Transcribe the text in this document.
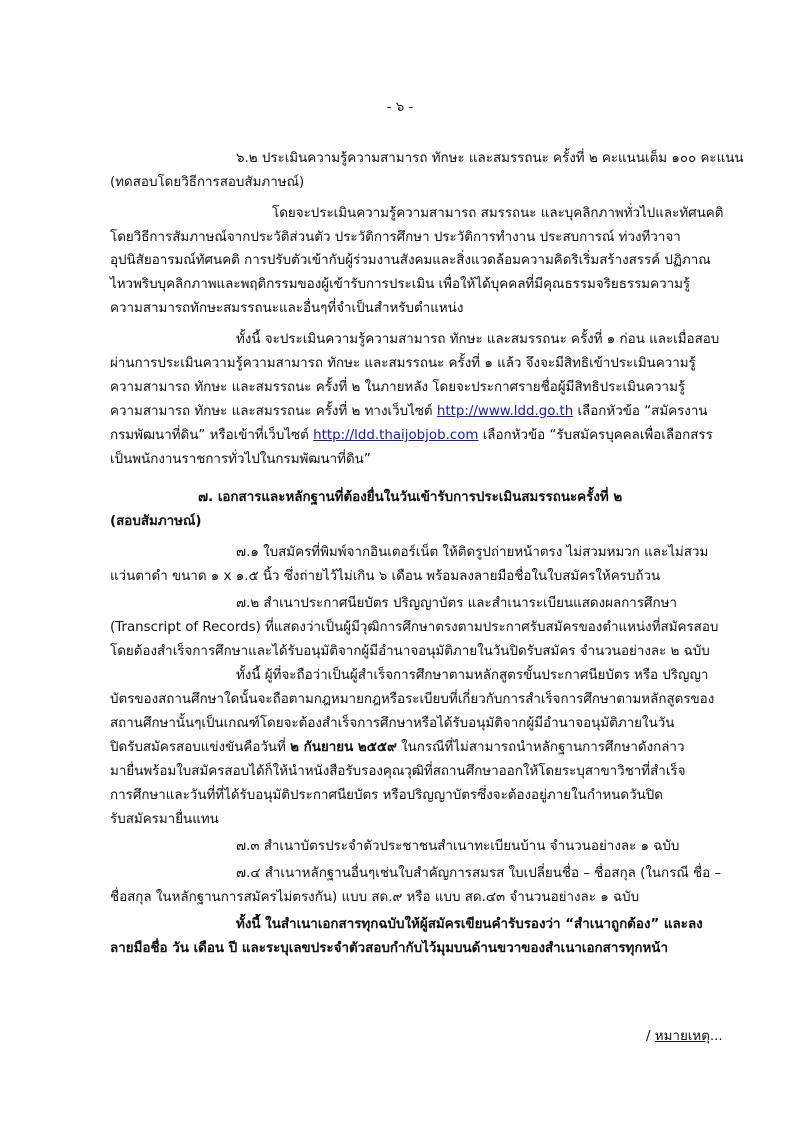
- ๖ -
๖.๒ ประเมินความรู้ความสามารถ ทักษะ และสมรรถนะ ครั้งที่ ๒ คะแนนเต็ม ๑๐๐ คะแนน
(ทดสอบโดยวิธีการสอบสัมภาษณ์)
โดยจะประเมินความรู้ความสามารถ สมรรถนะ และบุคลิกภาพทั่วไปและทัศนคติ
โดยวิธีการสัมภาษณ์จากประวัติส่วนตัว ประวัติการศึกษา ประวัติการทำงาน ประสบการณ์ ท่วงทีวาจา
อุปนิสัยอารมณ์ทัศนคติ การปรับตัวเข้ากับผู้ร่วมงานสังคมและสิ่งแวดล้อมความคิดริเริ่มสร้างสรรค์ ปฏิภาณ
ไหวพริบบุคลิกภาพและพฤติกรรมของผู้เข้ารับการประเมิน เพื่อให้ได้บุคคลที่มีคุณธรรมจริยธรรมความรู้
ความสามารถทักษะสมรรถนะและอื่นๆที่จำเป็นสำหรับตำแหน่ง
ทั้งนี้ จะประเมินความรู้ความสามารถ ทักษะ และสมรรถนะ ครั้งที่ ๑ ก่อน และเมื่อสอบ
ผ่านการประเมินความรู้ความสามารถ ทักษะ และสมรรถนะ ครั้งที่ ๑ แล้ว จึงจะมีสิทธิเข้าประเมินความรู้
ความสามารถ ทักษะ และสมรรถนะ ครั้งที่ ๒ ในภายหลัง โดยจะประกาศรายชื่อผู้มีสิทธิประเมินความรู้
ความสามารถ ทักษะ และสมรรถนะ ครั้งที่ ๒ ทางเว็บไซต์ http://www.ldd.go.th เลือกหัวข้อ “สมัครงาน
กรมพัฒนาที่ดิน” หรือเข้าที่เว็บไซต์ http://ldd.thaijobjob.com เลือกหัวข้อ “รับสมัครบุคคลเพื่อเลือกสรร
เป็นพนักงานราชการทั่วไปในกรมพัฒนาที่ดิน”
๗. เอกสารและหลักฐานที่ต้องยื่นในวันเข้ารับการประเมินสมรรถนะครั้งที่ ๒
(สอบสัมภาษณ์)
๗.๑ ใบสมัครที่พิมพ์จากอินเตอร์เน็ต ให้ติดรูปถ่ายหน้าตรง ไม่สวมหมวก และไม่สวม
แว่นตาดำ ขนาด ๑ x ๑.๕ นิ้ว ซึ่งถ่ายไว้ไม่เกิน ๖ เดือน พร้อมลงลายมือชื่อในใบสมัครให้ครบถ้วน
๗.๒ สำเนาประกาศนียบัตร ปริญญาบัตร และสำเนาระเบียนแสดงผลการศึกษา
(Transcript of Records) ที่แสดงว่าเป็นผู้มีวุฒิการศึกษาตรงตามประกาศรับสมัครของตำแหน่งที่สมัครสอบ
โดยต้องสำเร็จการศึกษาและได้รับอนุมัติจากผู้มีอำนาจอนุมัติภายในวันปิดรับสมัคร จำนวนอย่างละ ๒ ฉบับ
ทั้งนี้ ผู้ที่จะถือว่าเป็นผู้สำเร็จการศึกษาตามหลักสูตรขั้นประกาศนียบัตร หรือ ปริญญา
บัตรของสถานศึกษาใดนั้นจะถือตามกฎหมายกฎหรือระเบียบที่เกี่ยวกับการสำเร็จการศึกษาตามหลักสูตรของ
สถานศึกษานั้นๆเป็นเกณฑ์โดยจะต้องสำเร็จการศึกษาหรือได้รับอนุมัติจากผู้มีอำนาจอนุมัติภายในวัน
ปิดรับสมัครสอบแข่งขันคือวันที่ ๒ กันยายน ๒๕๕๙ ในกรณีที่ไม่สามารถนำหลักฐานการศึกษาดังกล่าว
มายื่นพร้อมใบสมัครสอบได้ก็ให้นำหนังสือรับรองคุณวุฒิที่สถานศึกษาออกให้โดยระบุสาขาวิชาที่สำเร็จ
การศึกษาและวันที่ที่ได้รับอนุมัติประกาศนียบัตร หรือปริญญาบัตรซึ่งจะต้องอยู่ภายในกำหนดวันปิด
รับสมัครมายื่นแทน
๗.๓ สำเนาบัตรประจำตัวประชาชนสำเนาทะเบียนบ้าน จำนวนอย่างละ ๑ ฉบับ
๗.๔ สำเนาหลักฐานอื่นๆเช่นใบสำคัญการสมรส ใบเปลี่ยนชื่อ – ชื่อสกุล (ในกรณี ชื่อ –
ชื่อสกุล ในหลักฐานการสมัครไม่ตรงกัน) แบบ สด.๙ หรือ แบบ สด.๔๓ จำนวนอย่างละ ๑ ฉบับ
ทั้งนี้ ในสำเนาเอกสารทุกฉบับให้ผู้สมัครเขียนคำรับรองว่า “สำเนาถูกต้อง” และลง
ลายมือชื่อ วัน เดือน ปี และระบุเลขประจำตัวสอบกำกับไว้มุมบนด้านขวาของสำเนาเอกสารทุกหน้า
/ หมายเหตุ...
